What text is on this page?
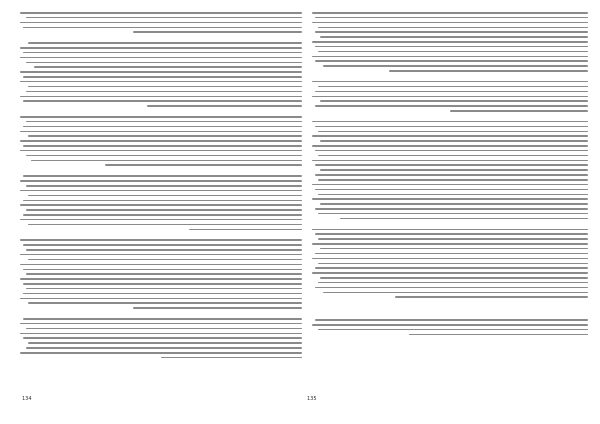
134	135
